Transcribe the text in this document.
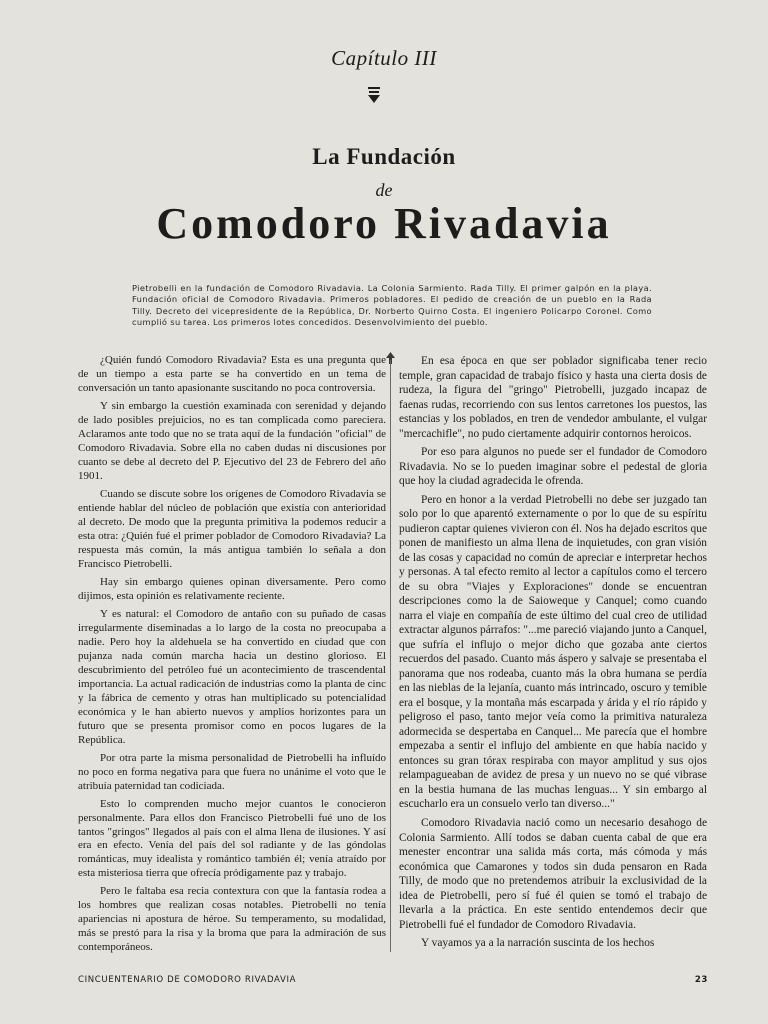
Capítulo III
La Fundación
de
Comodoro Rivadavia
Pietrobelli en la fundación de Comodoro Rivadavia. La Colonia Sarmiento. Rada Tilly. El primer galpón en la playa. Fundación oficial de Comodoro Rivadavia. Primeros pobladores. El pedido de creación de un pueblo en la Rada Tilly. Decreto del vicepresidente de la República, Dr. Norberto Quirno Costa. El ingeniero Policarpo Coronel. Como cumplió su tarea. Los primeros lotes concedidos. Desenvolvimiento del pueblo.

¿Quién fundó Comodoro Rivadavia? Esta es una pregunta que de un tiempo a esta parte se ha convertido en un tema de conversación un tanto apasionante suscitando no poca controversia.

Y sin embargo la cuestión examinada con serenidad y dejando de lado posibles prejuicios, no es tan complicada como pareciera. Aclaramos ante todo que no se trata aquí de la fundación "oficial" de Comodoro Rivadavia. Sobre ella no caben dudas ni discusiones por cuanto se debe al decreto del P. Ejecutivo del 23 de Febrero del año 1901.

Cuando se discute sobre los orígenes de Comodoro Rivadavia se entiende hablar del núcleo de población que existía con anterioridad al decreto. De modo que la pregunta primitiva la podemos reducir a esta otra: ¿Quién fué el primer poblador de Comodoro Rivadavia? La respuesta más común, la más antigua también lo señala a don Francisco Pietrobelli.

Hay sin embargo quienes opinan diversamente. Pero como dijimos, esta opinión es relativamente reciente.

Y es natural: el Comodoro de antaño con su puñado de casas irregularmente diseminadas a lo largo de la costa no preocupaba a nadie. Pero hoy la aldehuela se ha convertido en ciudad que con pujanza nada común marcha hacia un destino glorioso. El descubrimiento del petróleo fué un acontecimiento de trascendental importancia. La actual radicación de industrias como la planta de cinc y la fábrica de cemento y otras han multiplicado su potencialidad económica y le han abierto nuevos y amplios horizontes para un futuro que se presenta promisor como en pocos lugares de la República.

Por otra parte la misma personalidad de Pietrobelli ha influído no poco en forma negativa para que fuera no unánime el voto que le atribuía paternidad tan codiciada.

Esto lo comprenden mucho mejor cuantos le conocieron personalmente. Para ellos don Francisco Pietrobelli fué uno de los tantos "gringos" llegados al país con el alma llena de ilusiones. Y así era en efecto. Venía del país del sol radiante y de las góndolas románticas, muy idealista y romántico también él; venía atraído por esta misteriosa tierra que ofrecía pródigamente paz y trabajo.

Pero le faltaba esa recia contextura con que la fantasía rodea a los hombres que realizan cosas notables. Pietrobelli no tenía apariencias ni apostura de héroe. Su temperamento, su modalidad, más se prestó para la risa y la broma que para la admiración de sus contemporáneos.

En esa época en que ser poblador significaba tener recio temple, gran capacidad de trabajo físico y hasta una cierta dosis de rudeza, la figura del "gringo" Pietrobelli, juzgado incapaz de faenas rudas, recorriendo con sus lentos carretones los puestos, las estancias y los poblados, en tren de vendedor ambulante, el vulgar "mercachifle", no pudo ciertamente adquirir contornos heroicos.

Por eso para algunos no puede ser el fundador de Comodoro Rivadavia. No se lo pueden imaginar sobre el pedestal de gloria que hoy la ciudad agradecida le ofrenda.

Pero en honor a la verdad Pietrobelli no debe ser juzgado tan solo por lo que aparentó externamente o por lo que de su espíritu pudieron captar quienes vivieron con él. Nos ha dejado escritos que ponen de manifiesto un alma llena de inquietudes, con gran visión de las cosas y capacidad no común de apreciar e interpretar hechos y personas. A tal efecto remito al lector a capítulos como el tercero de su obra "Viajes y Exploraciones" donde se encuentran descripciones como la de Saioweque y Canquel; como cuando narra el viaje en compañía de este último del cual creo de utilidad extractar algunos párrafos: "...me pareció viajando junto a Canquel, que sufría el influjo o mejor dicho que gozaba ante ciertos recuerdos del pasado. Cuanto más áspero y salvaje se presentaba el panorama que nos rodeaba, cuanto más la obra humana se perdía en las nieblas de la lejanía, cuanto más intrincado, oscuro y temible era el bosque, y la montaña más escarpada y árida y el río rápido y peligroso el paso, tanto mejor veía como la primitiva naturaleza adormecida se despertaba en Canquel... Me parecía que el hombre empezaba a sentir el influjo del ambiente en que había nacido y entonces su gran tórax respiraba con mayor amplitud y sus ojos relampagueaban de avidez de presa y un nuevo no se qué vibrase en la bestia humana de las muchas lenguas... Y sin embargo al escucharlo era un consuelo verlo tan diverso..."

Comodoro Rivadavia nació como un necesario desahogo de Colonia Sarmiento. Allí todos se daban cuenta cabal de que era menester encontrar una salida más corta, más cómoda y más económica que Camarones y todos sin duda pensaron en Rada Tilly, de modo que no pretendemos atribuir la exclusividad de la idea de Pietrobelli, pero sí fué él quien se tomó el trabajo de llevarla a la práctica. En este sentido entendemos decir que Pietrobelli fué el fundador de Comodoro Rivadavia.

Y vayamos ya a la narración suscinta de los hechos

CINCUENTENARIO DE COMODORO RIVADAVIA	23
